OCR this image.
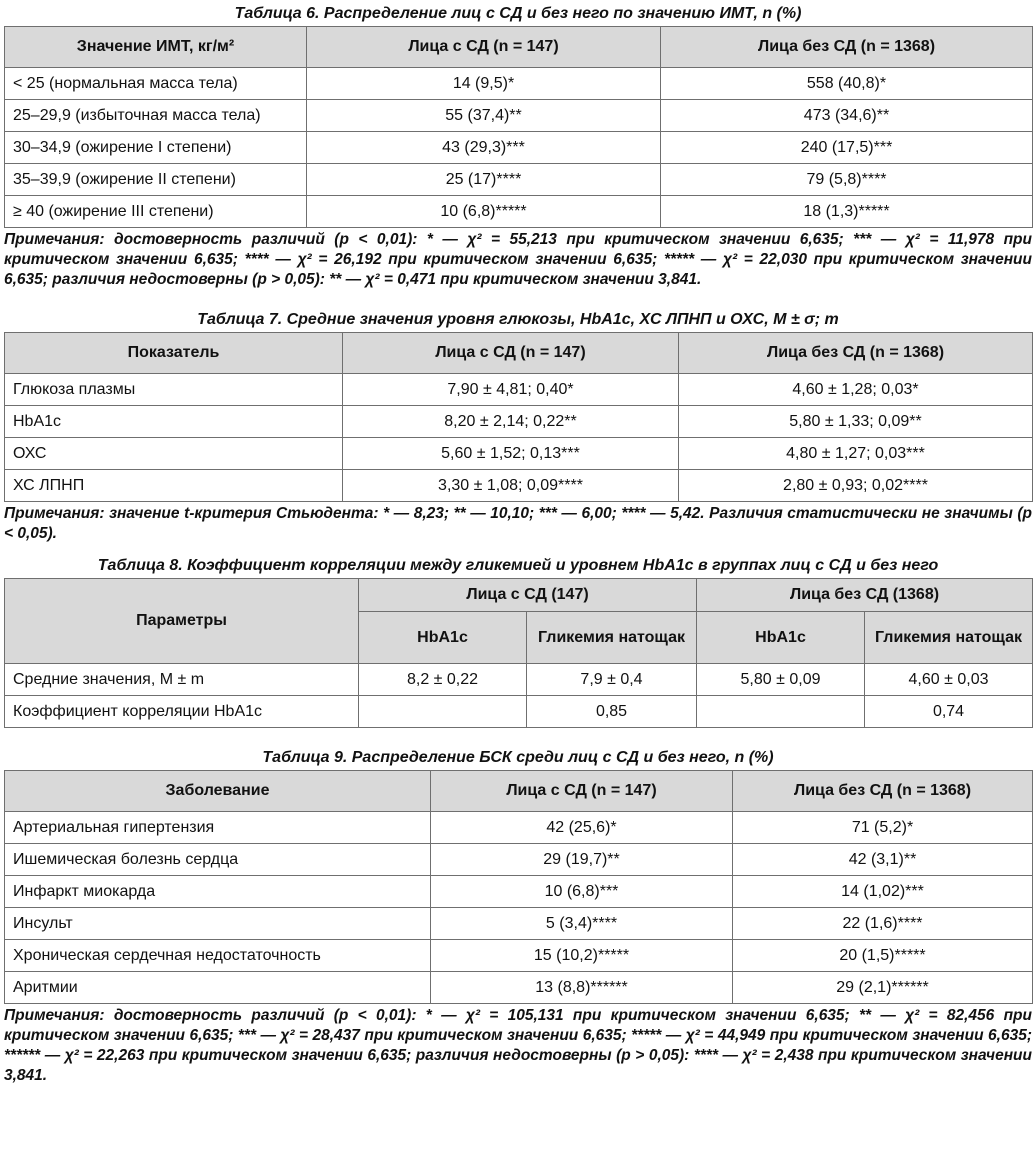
Таблица 6. Распределение лиц с СД и без него по значению ИМТ, n (%)
Значение ИМТ, кг/м²	Лица с СД (n = 147)	Лица без СД (n = 1368)
< 25 (нормальная масса тела)	14 (9,5)*	558 (40,8)*
25–29,9 (избыточная масса тела)	55 (37,4)**	473 (34,6)**
30–34,9 (ожирение I степени)	43 (29,3)***	240 (17,5)***
35–39,9 (ожирение II степени)	25 (17)****	79 (5,8)****
≥ 40 (ожирение III степени)	10 (6,8)*****	18 (1,3)*****
Примечания: достоверность различий (p < 0,01): * — χ² = 55,213 при критическом значении 6,635; *** — χ² = 11,978 при критическом значении 6,635; **** — χ² = 26,192 при критическом значении 6,635; ***** — χ² = 22,030 при критическом значении 6,635; различия недостоверны (p > 0,05): ** — χ² = 0,471 при критическом значении 3,841.
Таблица 7. Средние значения уровня глюкозы, HbA1c, ХС ЛПНП и ОХС, M ± σ; m
Показатель	Лица с СД (n = 147)	Лица без СД (n = 1368)
Глюкоза плазмы	7,90 ± 4,81; 0,40*	4,60 ± 1,28; 0,03*
HbA1c	8,20 ± 2,14; 0,22**	5,80 ± 1,33; 0,09**
ОХС	5,60 ± 1,52; 0,13***	4,80 ± 1,27; 0,03***
ХС ЛПНП	3,30 ± 1,08; 0,09****	2,80 ± 0,93; 0,02****
Примечания: значение t-критерия Стьюдента: * — 8,23; ** — 10,10; *** — 6,00; **** — 5,42. Различия статистически не значимы (p < 0,05).
Таблица 8. Коэффициент корреляции между гликемией и уровнем HbA1c в группах лиц с СД и без него
Параметры	Лица с СД (147)		Лица без СД (1368)	
	HbA1c	Гликемия натощак	HbA1c	Гликемия натощак
Средние значения, M ± m	8,2 ± 0,22	7,9 ± 0,4	5,80 ± 0,09	4,60 ± 0,03
Коэффициент корреляции HbA1c		0,85		0,74
Таблица 9. Распределение БСК среди лиц с СД и без него, n (%)
Заболевание	Лица с СД (n = 147)	Лица без СД (n = 1368)
Артериальная гипертензия	42 (25,6)*	71 (5,2)*
Ишемическая болезнь сердца	29 (19,7)**	42 (3,1)**
Инфаркт миокарда	10 (6,8)***	14 (1,02)***
Инсульт	5 (3,4)****	22 (1,6)****
Хроническая сердечная недостаточность	15 (10,2)*****	20 (1,5)*****
Аритмии	13 (8,8)******	29 (2,1)******
Примечания: достоверность различий (p < 0,01): * — χ² = 105,131 при критическом значении 6,635; ** — χ² = 82,456 при критическом значении 6,635; *** — χ² = 28,437 при критическом значении 6,635; ***** — χ² = 44,949 при критическом значении 6,635; ****** — χ² = 22,263 при критическом значении 6,635; различия недостоверны (p > 0,05): **** — χ² = 2,438 при критическом значении 3,841.
